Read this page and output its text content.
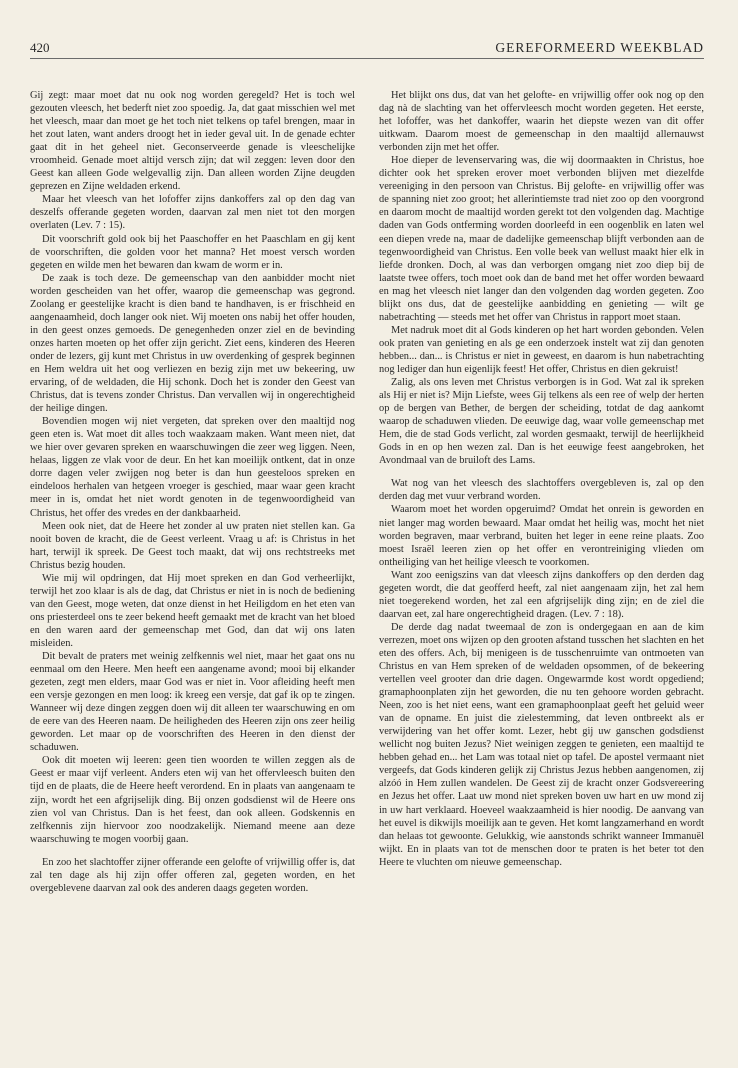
420	GEREFORMEERD WEEKBLAD

Gij zegt: maar moet dat nu ook nog worden geregeld? Het is toch wel gezouten vleesch, het bederft niet zoo spoedig. Ja, dat gaat misschien wel met het vleesch, maar dan moet ge het toch niet telkens op tafel brengen, maar in het zout laten, want anders droogt het in ieder geval uit. In de genade echter gaat dit in het geheel niet. Geconserveerde genade is vleeschelijke vroomheid. Genade moet altijd versch zijn; dat wil zeggen: leven door den Geest kan alleen Gode welgevallig zijn. Dan alleen worden Zijne deugden geprezen en Zijne weldaden erkend.

Maar het vleesch van het lofoffer zijns dankoffers zal op den dag van deszelfs offerande gegeten worden, daarvan zal men niet tot den morgen overlaten (Lev. 7 : 15).

Dit voorschrift gold ook bij het Paaschoffer en het Paaschlam en gij kent de voorschriften, die golden voor het manna? Het moest versch worden gegeten en wilde men het bewaren dan kwam de worm er in.

De zaak is toch deze. De gemeenschap van den aanbidder mocht niet worden gescheiden van het offer, waarop die gemeenschap was gegrond. Zoolang er geestelijke kracht is dien band te handhaven, is er frischheid en aangenaamheid, doch langer ook niet. Wij moeten ons nabij het offer houden, in den geest onzes gemoeds. De genegenheden onzer ziel en de bevinding onzes harten moeten op het offer zijn gericht. Ziet eens, kinderen des Heeren onder de lezers, gij kunt met Christus in uw overdenking of gesprek beginnen en Hem weldra uit het oog verliezen en bezig zijn met uw bekeering, uw ervaring, of de weldaden, die Hij schonk. Doch het is zonder den Geest van Christus, dat is tevens zonder Christus. Dan vervallen wij in ongerechtigheid der heilige dingen.

Bovendien mogen wij niet vergeten, dat spreken over den maaltijd nog geen eten is. Wat moet dit alles toch waakzaam maken. Want meen niet, dat we hier over gevaren spreken en waarschuwingen die zeer weg liggen. Neen, helaas, liggen ze vlak voor de deur. En het kan moeilijk ontkent, dat in onze dorre dagen veler zwijgen nog beter is dan hun geesteloos spreken en eindeloos herhalen van hetgeen vroeger is geschied, maar waar geen kracht meer in is, omdat het niet wordt genoten in de tegenwoordigheid van Christus, het offer des vredes en der dankbaarheid.

Meen ook niet, dat de Heere het zonder al uw praten niet stellen kan. Ga nooit boven de kracht, die de Geest verleent. Vraag u af: is Christus in het hart, terwijl ik spreek. De Geest toch maakt, dat wij ons rechtstreeks met Christus bezig houden.

Wie mij wil opdringen, dat Hij moet spreken en dan God verheerlijkt, terwijl het zoo klaar is als de dag, dat Christus er niet in is noch de bediening van den Geest, moge weten, dat onze dienst in het Heiligdom en het eten van ons priesterdeel ons te zeer bekend heeft gemaakt met de kracht van het bloed en den waren aard der gemeenschap met God, dan dat wij ons laten misleiden.

Dit bevalt de praters met weinig zelfkennis wel niet, maar het gaat ons nu eenmaal om den Heere. Men heeft een aangename avond; mooi bij elkander gezeten, zegt men elders, maar God was er niet in. Voor afleiding heeft men een versje gezongen en men loog: ik kreeg een versje, dat gaf ik op te zingen. Wanneer wij deze dingen zeggen doen wij dit alleen ter waarschuwing en om de eere van des Heeren naam. De heiligheden des Heeren zijn ons zeer heilig geworden. Let maar op de voorschriften des Heeren in den dienst der schaduwen.

Ook dit moeten wij leeren: geen tien woorden te willen zeggen als de Geest er maar vijf verleent. Anders eten wij van het offervleesch buiten den tijd en de plaats, die de Heere heeft verordend. En in plaats van aangenaam te zijn, wordt het een afgrijselijk ding. Bij onzen godsdienst wil de Heere ons zien vol van Christus. Dan is het feest, dan ook alleen. Godskennis en zelfkennis zijn hiervoor zoo noodzakelijk. Niemand meene aan deze waarschuwing te mogen voorbij gaan.

En zoo het slachtoffer zijner offerande een gelofte of vrijwillig offer is, dat zal ten dage als hij zijn offer offeren zal, gegeten worden, en het overgeblevene daarvan zal ook des anderen daags gegeten worden.

Het blijkt ons dus, dat van het gelofte- en vrijwillig offer ook nog op den dag nà de slachting van het offervleesch mocht worden gegeten. Het eerste, het lofoffer, was het dankoffer, waarin het diepste wezen van dit offer uitkwam. Daarom moest de gemeenschap in den maaltijd allernauwst verbonden zijn met het offer.

Hoe dieper de levenservaring was, die wij doormaakten in Christus, hoe dichter ook het spreken erover moet verbonden blijven met diezelfde vereeniging in den persoon van Christus. Bij gelofte- en vrijwillig offer was de spanning niet zoo groot; het allerintiemste trad niet zoo op den voorgrond en daarom mocht de maaltijd worden gerekt tot den volgenden dag. Machtige daden van Gods ontferming worden doorleefd in een oogenblik en laten wel een diepen vrede na, maar de dadelijke gemeenschap blijft verbonden aan de tegenwoordigheid van Christus. Een volle beek van wellust maakt hier elk in liefde dronken. Doch, al was dan verborgen omgang niet zoo diep bij de laatste twee offers, toch moet ook dan de band met het offer worden bewaard en mag het vleesch niet langer dan den volgenden dag worden gegeten. Zoo blijkt ons dus, dat de geestelijke aanbidding en genieting — wilt ge nabetrachting — steeds met het offer van Christus in rapport moet staan.

Met nadruk moet dit al Gods kinderen op het hart worden gebonden. Velen ook praten van genieting en als ge een onderzoek instelt wat zij dan genoten hebben... dan... is Christus er niet in geweest, en daarom is hun nabetrachting nog lediger dan hun eigenlijk feest! Het offer, Christus en dien gekruist!

Zalig, als ons leven met Christus verborgen is in God. Wat zal ik spreken als Hij er niet is? Mijn Liefste, wees Gij telkens als een ree of welp der herten op de bergen van Bether, de bergen der scheiding, totdat de dag aankomt waarop de schaduwen vlieden. De eeuwige dag, waar volle gemeenschap met Hem, die de stad Gods verlicht, zal worden gesmaakt, terwijl de heerlijkheid Gods in en op hen wezen zal. Dan is het eeuwige feest aangebroken, het Avondmaal van de bruiloft des Lams.

Wat nog van het vleesch des slachtoffers overgebleven is, zal op den derden dag met vuur verbrand worden.

Waarom moet het worden opgeruimd? Omdat het onrein is geworden en niet langer mag worden bewaard. Maar omdat het heilig was, mocht het niet worden begraven, maar verbrand, buiten het leger in eene reine plaats. Zoo moest Israël leeren zien op het offer en verontreiniging vlieden om ontheiliging van het heilige vleesch te voorkomen.

Want zoo eenigszins van dat vleesch zijns dankoffers op den derden dag gegeten wordt, die dat geofferd heeft, zal niet aangenaam zijn, het zal hem niet toegerekend worden, het zal een afgrijselijk ding zijn; en de ziel die daarvan eet, zal hare ongerechtigheid dragen. (Lev. 7 : 18).

De derde dag nadat tweemaal de zon is ondergegaan en aan de kim verrezen, moet ons wijzen op den grooten afstand tusschen het slachten en het eten des offers. Ach, bij menigeen is de tusschenruimte van ontmoeten van Christus en van Hem spreken of de weldaden opsommen, of de bekeering vertellen veel grooter dan drie dagen. Ongewarmde kost wordt opgediend; gramaphoonplaten zijn het geworden, die nu ten gehoore worden gebracht. Neen, zoo is het niet eens, want een gramaphoonplaat geeft het geluid weer van de opname. En juist die zielestemming, dat leven ontbreekt als er verwijdering van het offer komt. Lezer, hebt gij uw ganschen godsdienst wellicht nog buiten Jezus? Niet weinigen zeggen te genieten, een maaltijd te hebben gehad en... het Lam was totaal niet op tafel. De apostel vermaant niet vergeefs, dat Gods kinderen gelijk zij Christus Jezus hebben aangenomen, zij alzóó in Hem zullen wandelen. De Geest zij de kracht onzer Godsvereering en Jezus het offer. Laat uw mond niet spreken boven uw hart en uw mond zij in uw hart verklaard. Hoeveel waakzaamheid is hier noodig. De aanvang van het euvel is dikwijls moeilijk aan te geven. Het komt langzamerhand en wordt dan helaas tot gewoonte. Gelukkig, wie aanstonds schrikt wanneer Immanuël wijkt. En in plaats van tot de menschen door te praten is het beter tot den Heere te vluchten om nieuwe gemeenschap.
